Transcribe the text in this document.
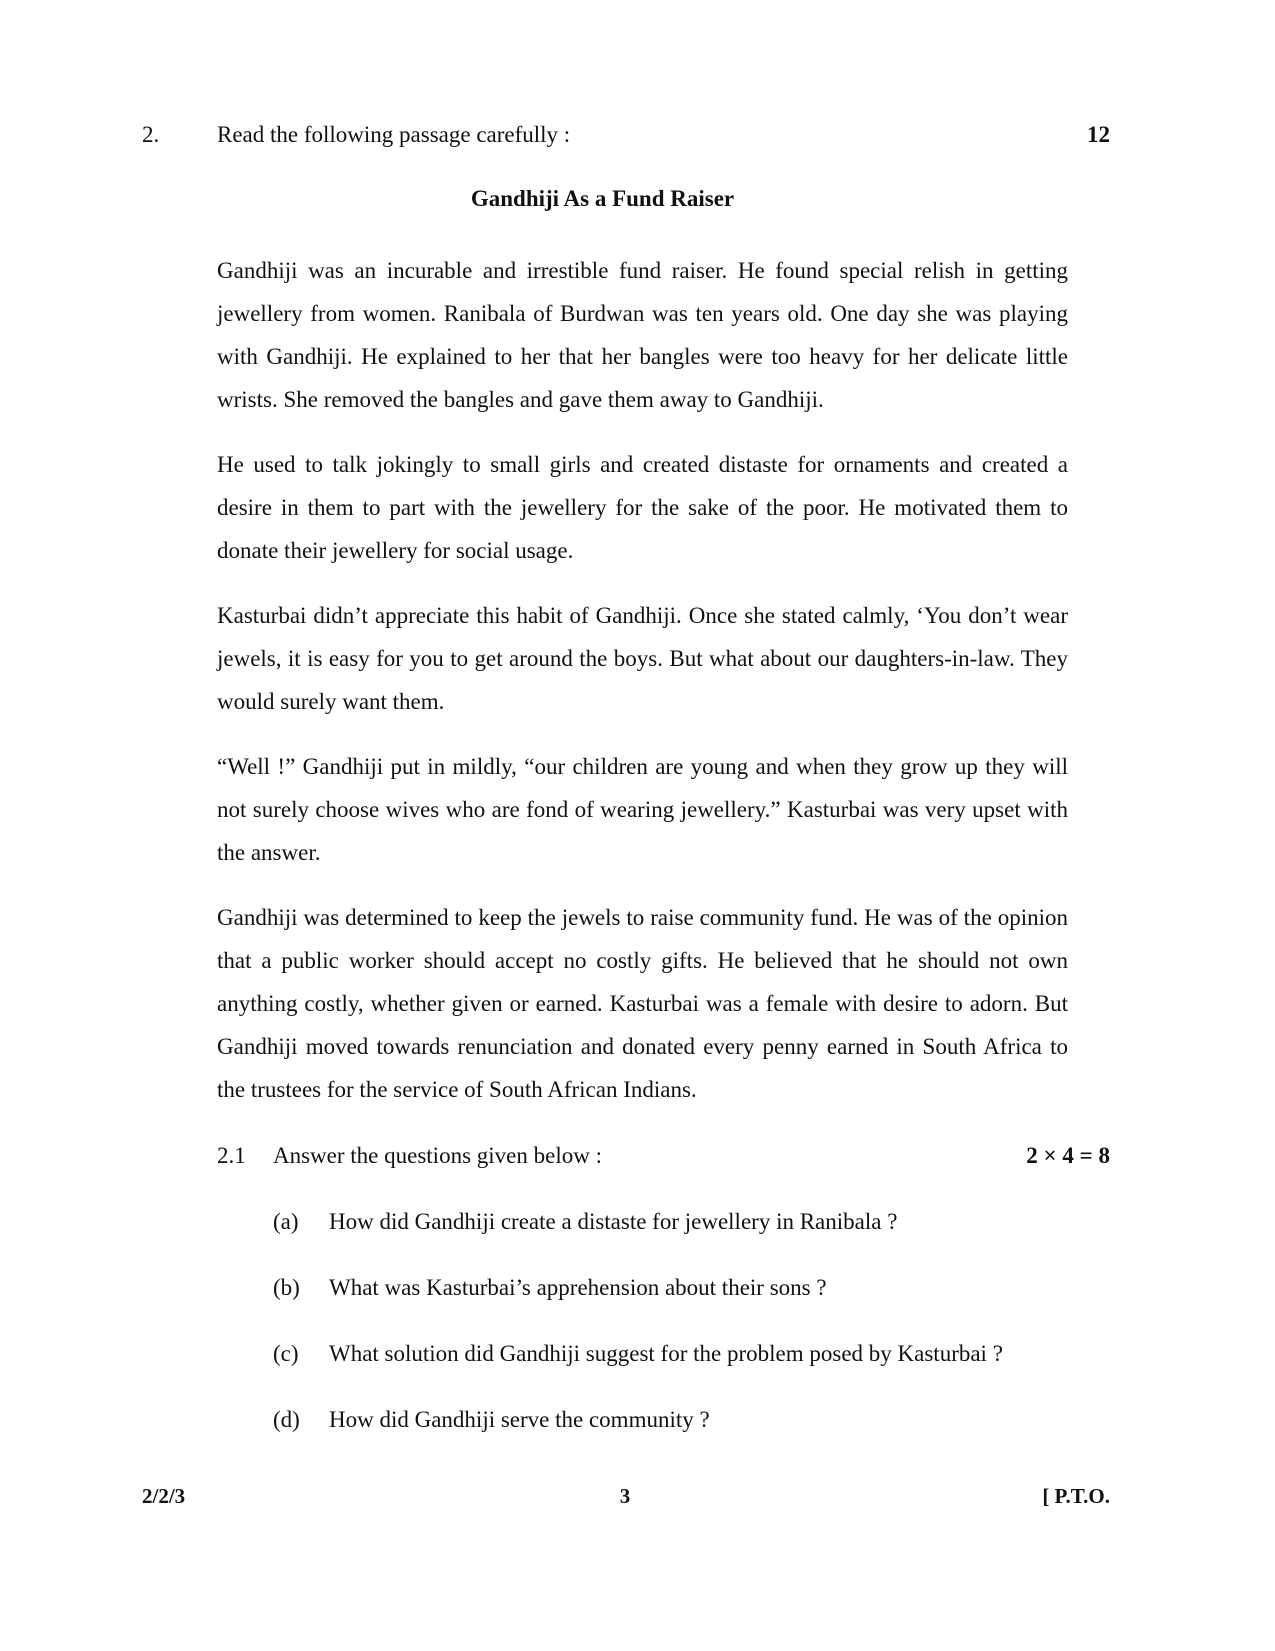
2.	Read the following passage carefully :	12
Gandhiji As a Fund Raiser

Gandhiji was an incurable and irrestible fund raiser. He found special relish in getting jewellery from women. Ranibala of Burdwan was ten years old. One day she was playing with Gandhiji. He explained to her that her bangles were too heavy for her delicate little wrists. She removed the bangles and gave them away to Gandhiji.

He used to talk jokingly to small girls and created distaste for ornaments and created a desire in them to part with the jewellery for the sake of the poor. He motivated them to donate their jewellery for social usage.

Kasturbai didn’t appreciate this habit of Gandhiji. Once she stated calmly, ‘You don’t wear jewels, it is easy for you to get around the boys. But what about our daughters-in-law. They would surely want them.

“Well !” Gandhiji put in mildly, “our children are young and when they grow up they will not surely choose wives who are fond of wearing jewellery.” Kasturbai was very upset with the answer.

Gandhiji was determined to keep the jewels to raise community fund. He was of the opinion that a public worker should accept no costly gifts. He believed that he should not own anything costly, whether given or earned. Kasturbai was a female with desire to adorn. But Gandhiji moved towards renunciation and donated every penny earned in South Africa to the trustees for the service of South African Indians.

2.1 Answer the questions given below :	2 × 4 = 8
(a)	How did Gandhiji create a distaste for jewellery in Ranibala ?
(b)	What was Kasturbai’s apprehension about their sons ?
(c)	What solution did Gandhiji suggest for the problem posed by Kasturbai ?
(d)	How did Gandhiji serve the community ?
2/2/3	3	[ P.T.O.
